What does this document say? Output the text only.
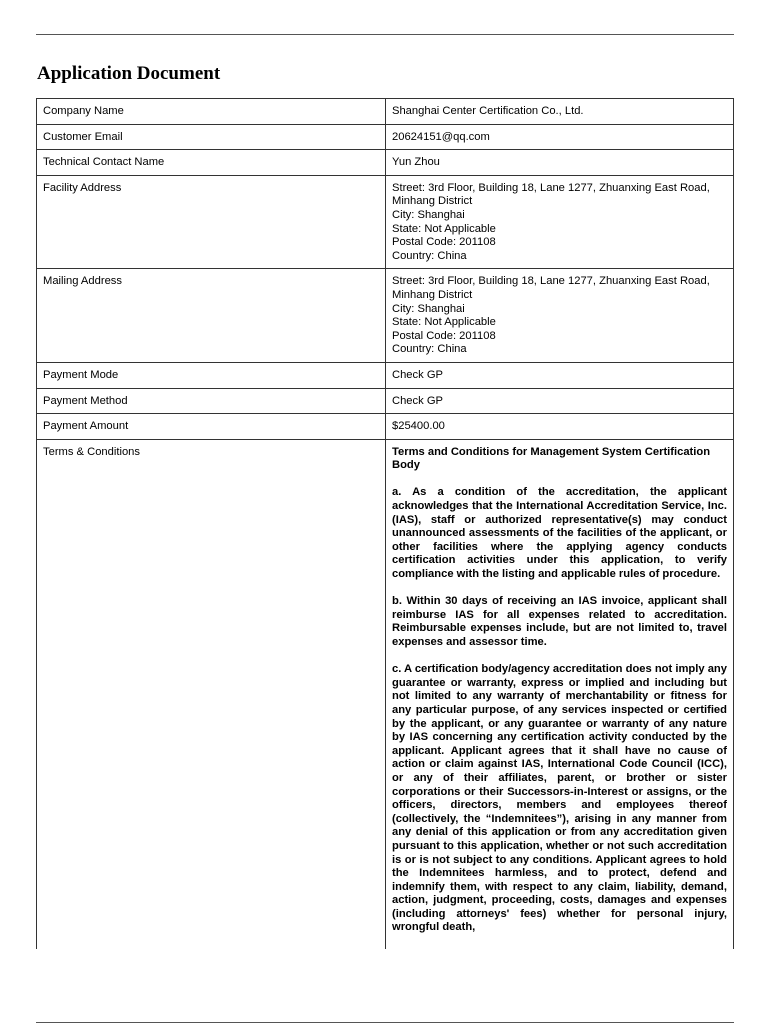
Application Document
Company Name	Shanghai Center Certification Co., Ltd.
Customer Email	20624151@qq.com
Technical Contact Name	Yun Zhou
Facility Address	Street: 3rd Floor, Building 18, Lane 1277, Zhuanxing East Road, Minhang District
City: Shanghai
State: Not Applicable
Postal Code: 201108
Country: China
Mailing Address	Street: 3rd Floor, Building 18, Lane 1277, Zhuanxing East Road, Minhang District
City: Shanghai
State: Not Applicable
Postal Code: 201108
Country: China
Payment Mode	Check GP
Payment Method	Check GP
Payment Amount	$25400.00
Terms & Conditions	Terms and Conditions for Management System Certification Body

a. As a condition of the accreditation, the applicant acknowledges that the International Accreditation Service, Inc. (IAS), staff or authorized representative(s) may conduct unannounced assessments of the facilities of the applicant, or other facilities where the applying agency conducts certification activities under this application, to verify compliance with the listing and applicable rules of procedure.

b. Within 30 days of receiving an IAS invoice, applicant shall reimburse IAS for all expenses related to accreditation. Reimbursable expenses include, but are not limited to, travel expenses and assessor time.

c. A certification body/agency accreditation does not imply any guarantee or warranty, express or implied and including but not limited to any warranty of merchantability or fitness for any particular purpose, of any services inspected or certified by the applicant, or any guarantee or warranty of any nature by IAS concerning any certification activity conducted by the applicant. Applicant agrees that it shall have no cause of action or claim against IAS, International Code Council (ICC), or any of their affiliates, parent, or brother or sister corporations or their Successors-in-Interest or assigns, or the officers, directors, members and employees thereof (collectively, the “Indemnitees”), arising in any manner from any denial of this application or from any accreditation given pursuant to this application, whether or not such accreditation is or is not subject to any conditions. Applicant agrees to hold the Indemnitees harmless, and to protect, defend and indemnify them, with respect to any claim, liability, demand, action, judgment, proceeding, costs, damages and expenses (including attorneys' fees) whether for personal injury, wrongful death,
